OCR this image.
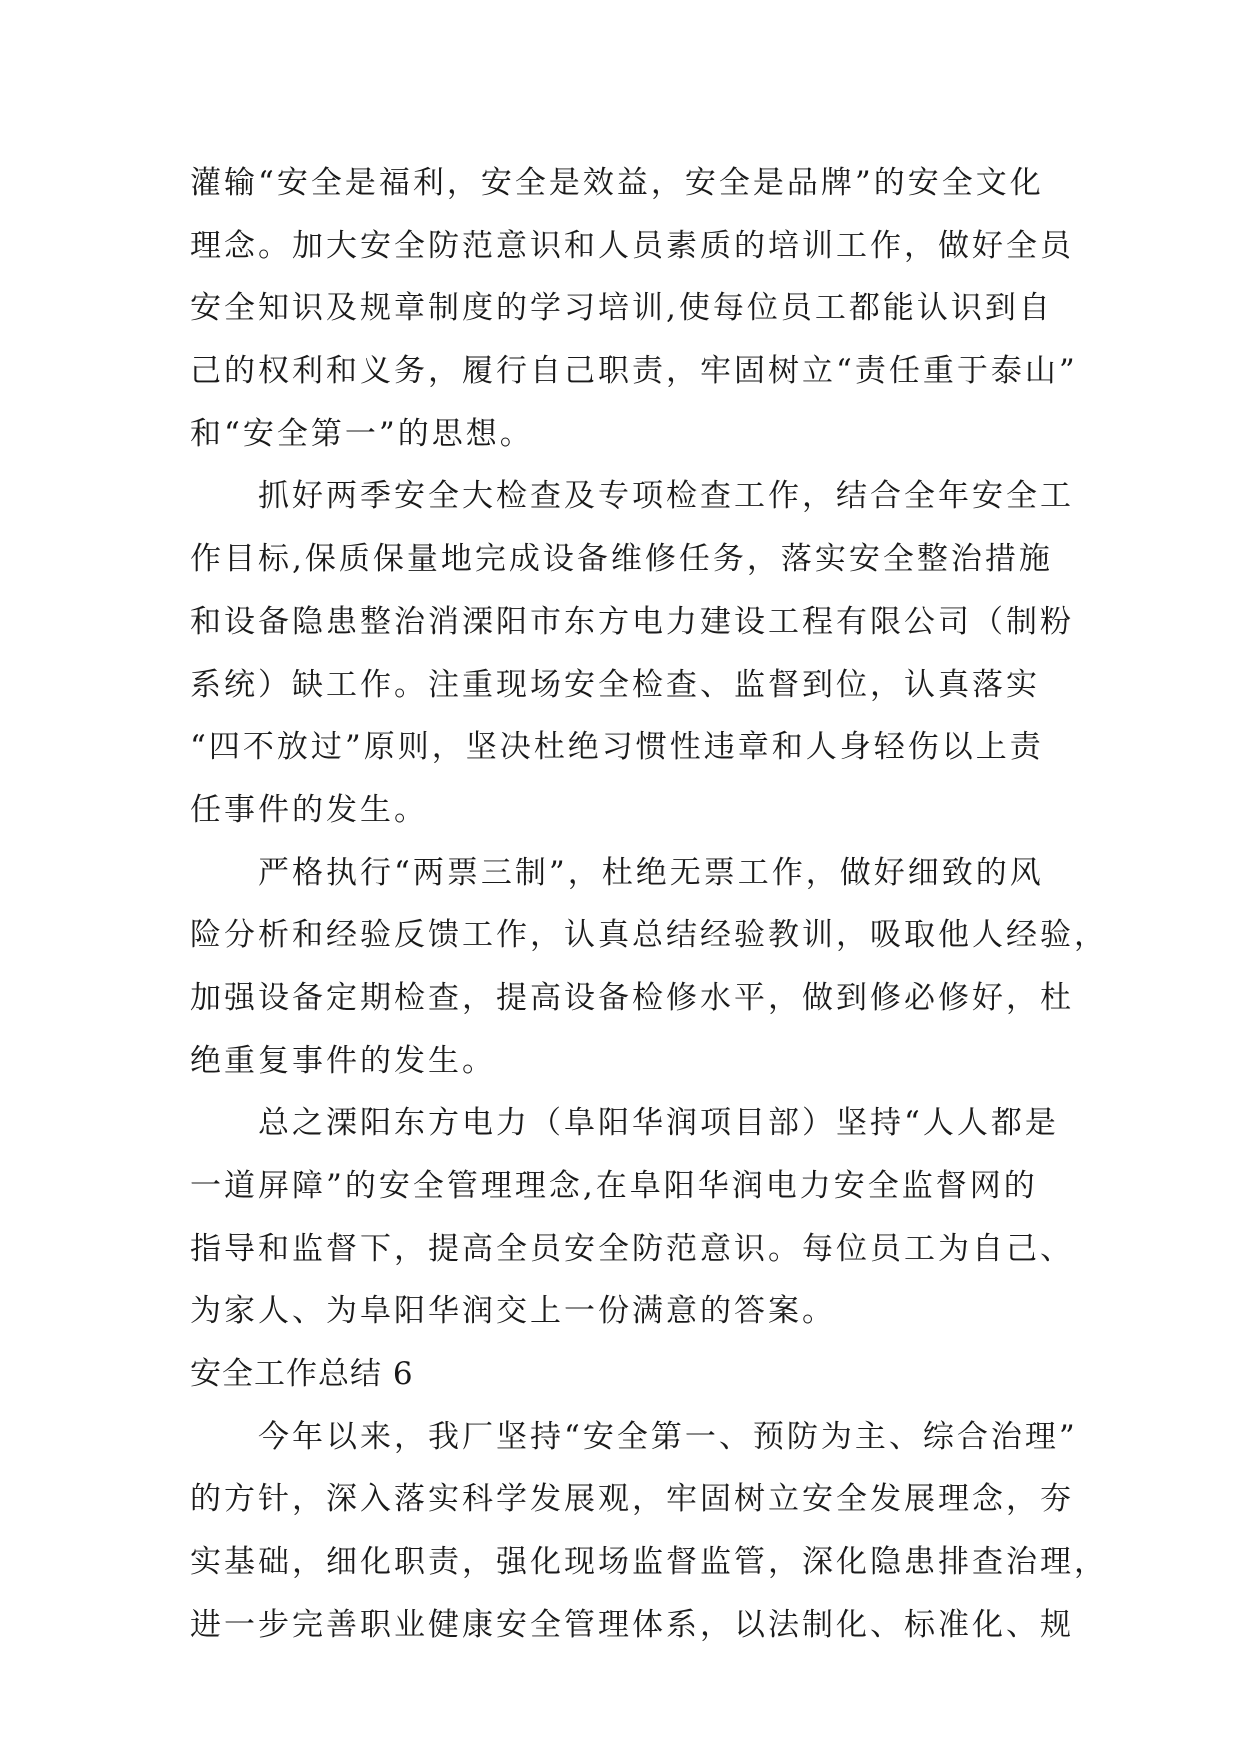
灌输“安全是福利，安全是效益，安全是品牌”的安全文化
理念。加大安全防范意识和人员素质的培训工作，做好全员
安全知识及规章制度的学习培训,使每位员工都能认识到自
己的权利和义务，履行自己职责，牢固树立“责任重于泰山”
和“安全第一”的思想。
　　抓好两季安全大检查及专项检查工作，结合全年安全工
作目标,保质保量地完成设备维修任务，落实安全整治措施
和设备隐患整治消溧阳市东方电力建设工程有限公司（制粉
系统）缺工作。注重现场安全检查、监督到位，认真落实
“四不放过”原则，坚决杜绝习惯性违章和人身轻伤以上责
任事件的发生。
　　严格执行“两票三制”，杜绝无票工作，做好细致的风
险分析和经验反馈工作，认真总结经验教训，吸取他人经验，
加强设备定期检查，提高设备检修水平，做到修必修好，杜
绝重复事件的发生。
　　总之溧阳东方电力（阜阳华润项目部）坚持“人人都是
一道屏障”的安全管理理念,在阜阳华润电力安全监督网的
指导和监督下，提高全员安全防范意识。每位员工为自己、
为家人、为阜阳华润交上一份满意的答案。
安全工作总结 6
　　今年以来，我厂坚持“安全第一、预防为主、综合治理”
的方针，深入落实科学发展观，牢固树立安全发展理念，夯
实基础，细化职责，强化现场监督监管，深化隐患排查治理，
进一步完善职业健康安全管理体系，以法制化、标准化、规
